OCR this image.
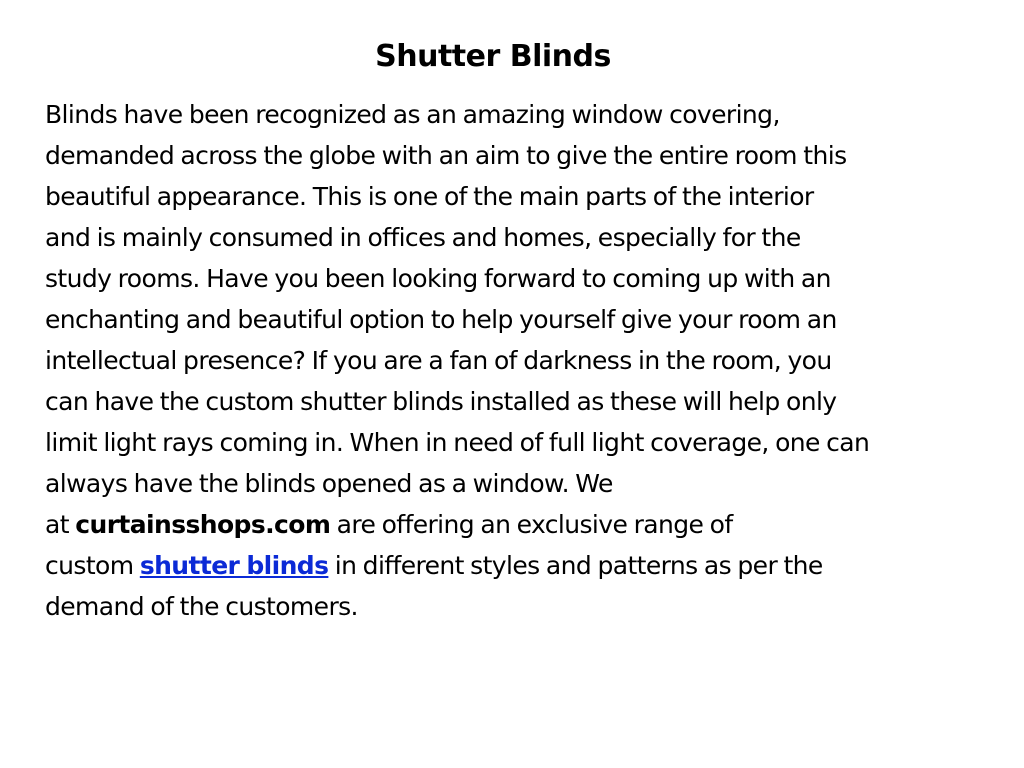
Shutter Blinds

Blinds have been recognized as an amazing window covering,
demanded across the globe with an aim to give the entire room this
beautiful appearance. This is one of the main parts of the interior
and is mainly consumed in offices and homes, especially for the
study rooms. Have you been looking forward to coming up with an
enchanting and beautiful option to help yourself give your room an
intellectual presence? If you are a fan of darkness in the room, you
can have the custom shutter blinds installed as these will help only
limit light rays coming in. When in need of full light coverage, one can
always have the blinds opened as a window. We
at curtainsshops.com are offering an exclusive range of
custom shutter blinds in different styles and patterns as per the
demand of the customers.
